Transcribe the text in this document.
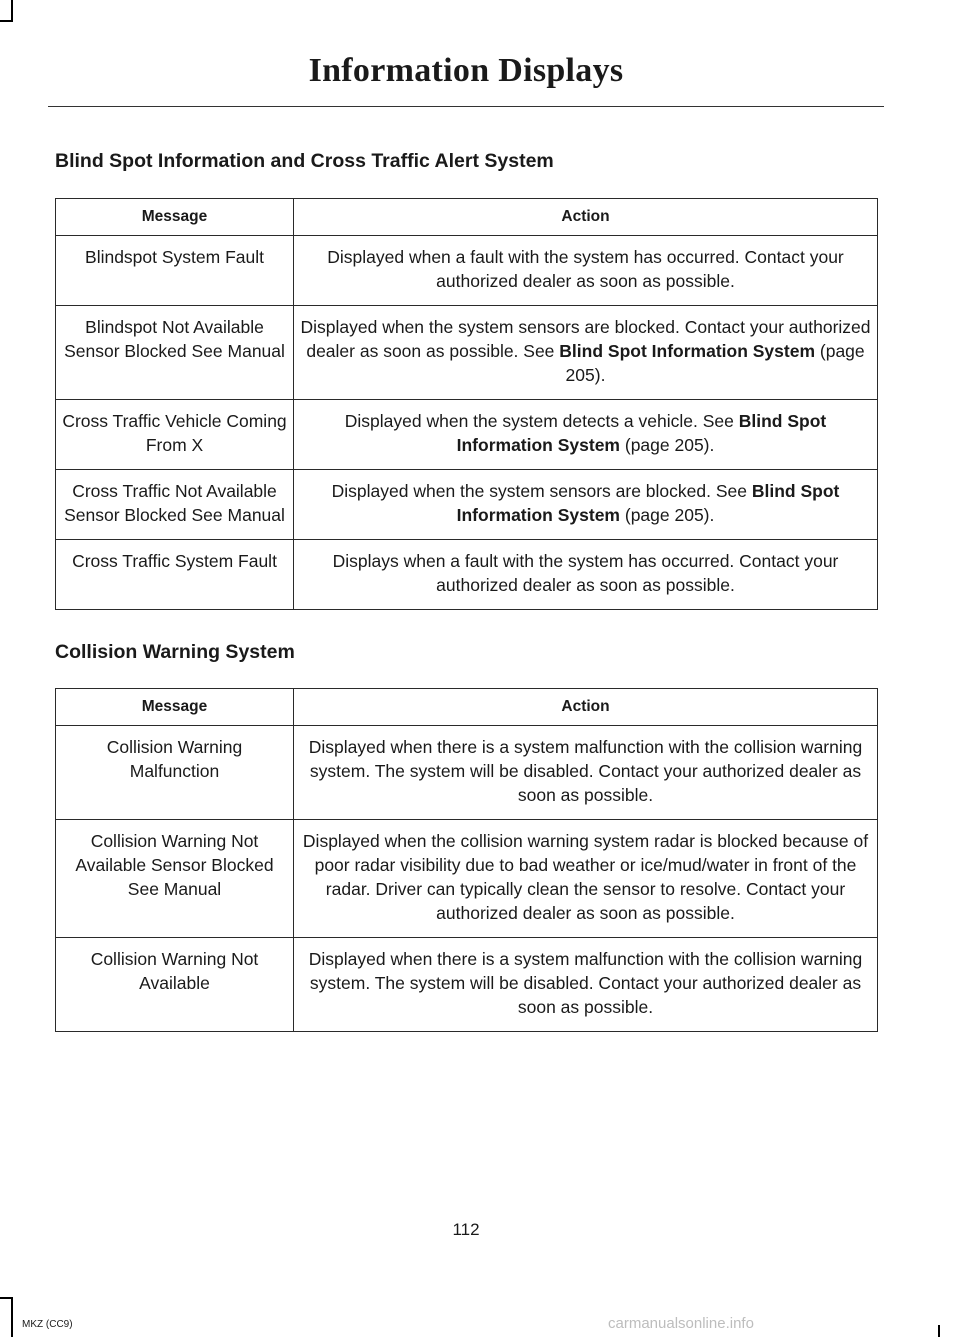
Information Displays
Blind Spot Information and Cross Traffic Alert System
Message	Action
Blindspot System Fault	Displayed when a fault with the system has occurred. Contact your authorized dealer as soon as possible.
Blindspot Not Available Sensor Blocked See Manual	Displayed when the system sensors are blocked. Contact your authorized dealer as soon as possible. See Blind Spot Information System (page 205).
Cross Traffic Vehicle Coming From X	Displayed when the system detects a vehicle. See Blind Spot Information System (page 205).
Cross Traffic Not Available Sensor Blocked See Manual	Displayed when the system sensors are blocked. See Blind Spot Information System (page 205).
Cross Traffic System Fault	Displays when a fault with the system has occurred. Contact your authorized dealer as soon as possible.
Collision Warning System
Message	Action
Collision Warning Malfunction	Displayed when there is a system malfunction with the collision warning system. The system will be disabled. Contact your authorized dealer as soon as possible.
Collision Warning Not Available Sensor Blocked See Manual	Displayed when the collision warning system radar is blocked because of poor radar visibility due to bad weather or ice/mud/water in front of the radar. Driver can typically clean the sensor to resolve. Contact your authorized dealer as soon as possible.
Collision Warning Not Available	Displayed when there is a system malfunction with the collision warning system. The system will be disabled. Contact your authorized dealer as soon as possible.
112
MKZ (CC9)	carmanualsonline.info
